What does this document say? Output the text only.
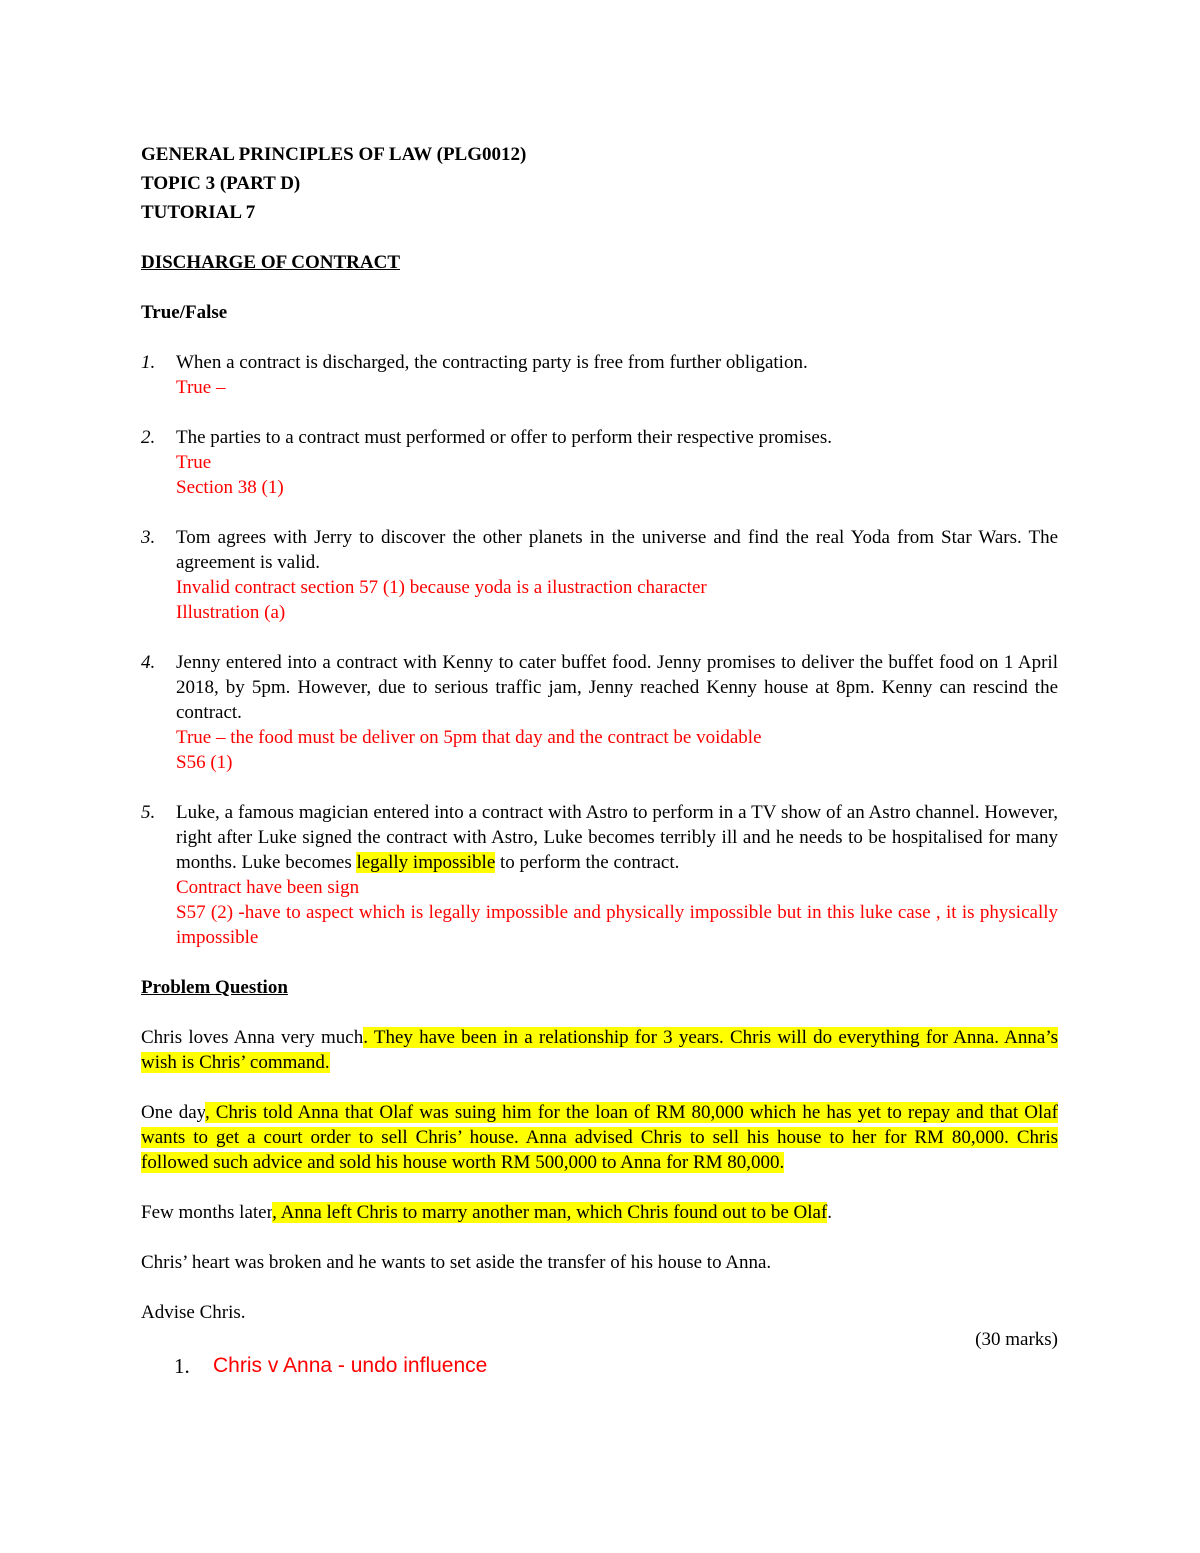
GENERAL PRINCIPLES OF LAW (PLG0012)
TOPIC 3 (PART D)
TUTORIAL 7
DISCHARGE OF CONTRACT
True/False
1. When a contract is discharged, the contracting party is free from further obligation.
True –
2. The parties to a contract must performed or offer to perform their respective promises.
True
Section 38 (1)
3. Tom agrees with Jerry to discover the other planets in the universe and find the real Yoda from Star Wars. The agreement is valid.
Invalid contract section 57 (1) because yoda is a ilustraction character
Illustration (a)
4. Jenny entered into a contract with Kenny to cater buffet food. Jenny promises to deliver the buffet food on 1 April 2018, by 5pm. However, due to serious traffic jam, Jenny reached Kenny house at 8pm. Kenny can rescind the contract.
True – the food must be deliver on 5pm that day and the contract be voidable
S56 (1)
5. Luke, a famous magician entered into a contract with Astro to perform in a TV show of an Astro channel. However, right after Luke signed the contract with Astro, Luke becomes terribly ill and he needs to be hospitalised for many months. Luke becomes legally impossible to perform the contract.
Contract have been sign
S57 (2) -have to aspect which is legally impossible and physically impossible but in this luke case , it is physically impossible
Problem Question
Chris loves Anna very much. They have been in a relationship for 3 years. Chris will do everything for Anna. Anna’s wish is Chris’ command.
One day, Chris told Anna that Olaf was suing him for the loan of RM 80,000 which he has yet to repay and that Olaf wants to get a court order to sell Chris’ house. Anna advised Chris to sell his house to her for RM 80,000. Chris followed such advice and sold his house worth RM 500,000 to Anna for RM 80,000.
Few months later, Anna left Chris to marry another man, which Chris found out to be Olaf.
Chris’ heart was broken and he wants to set aside the transfer of his house to Anna.
Advise Chris.
(30 marks)
1.	Chris v Anna - undo influence
